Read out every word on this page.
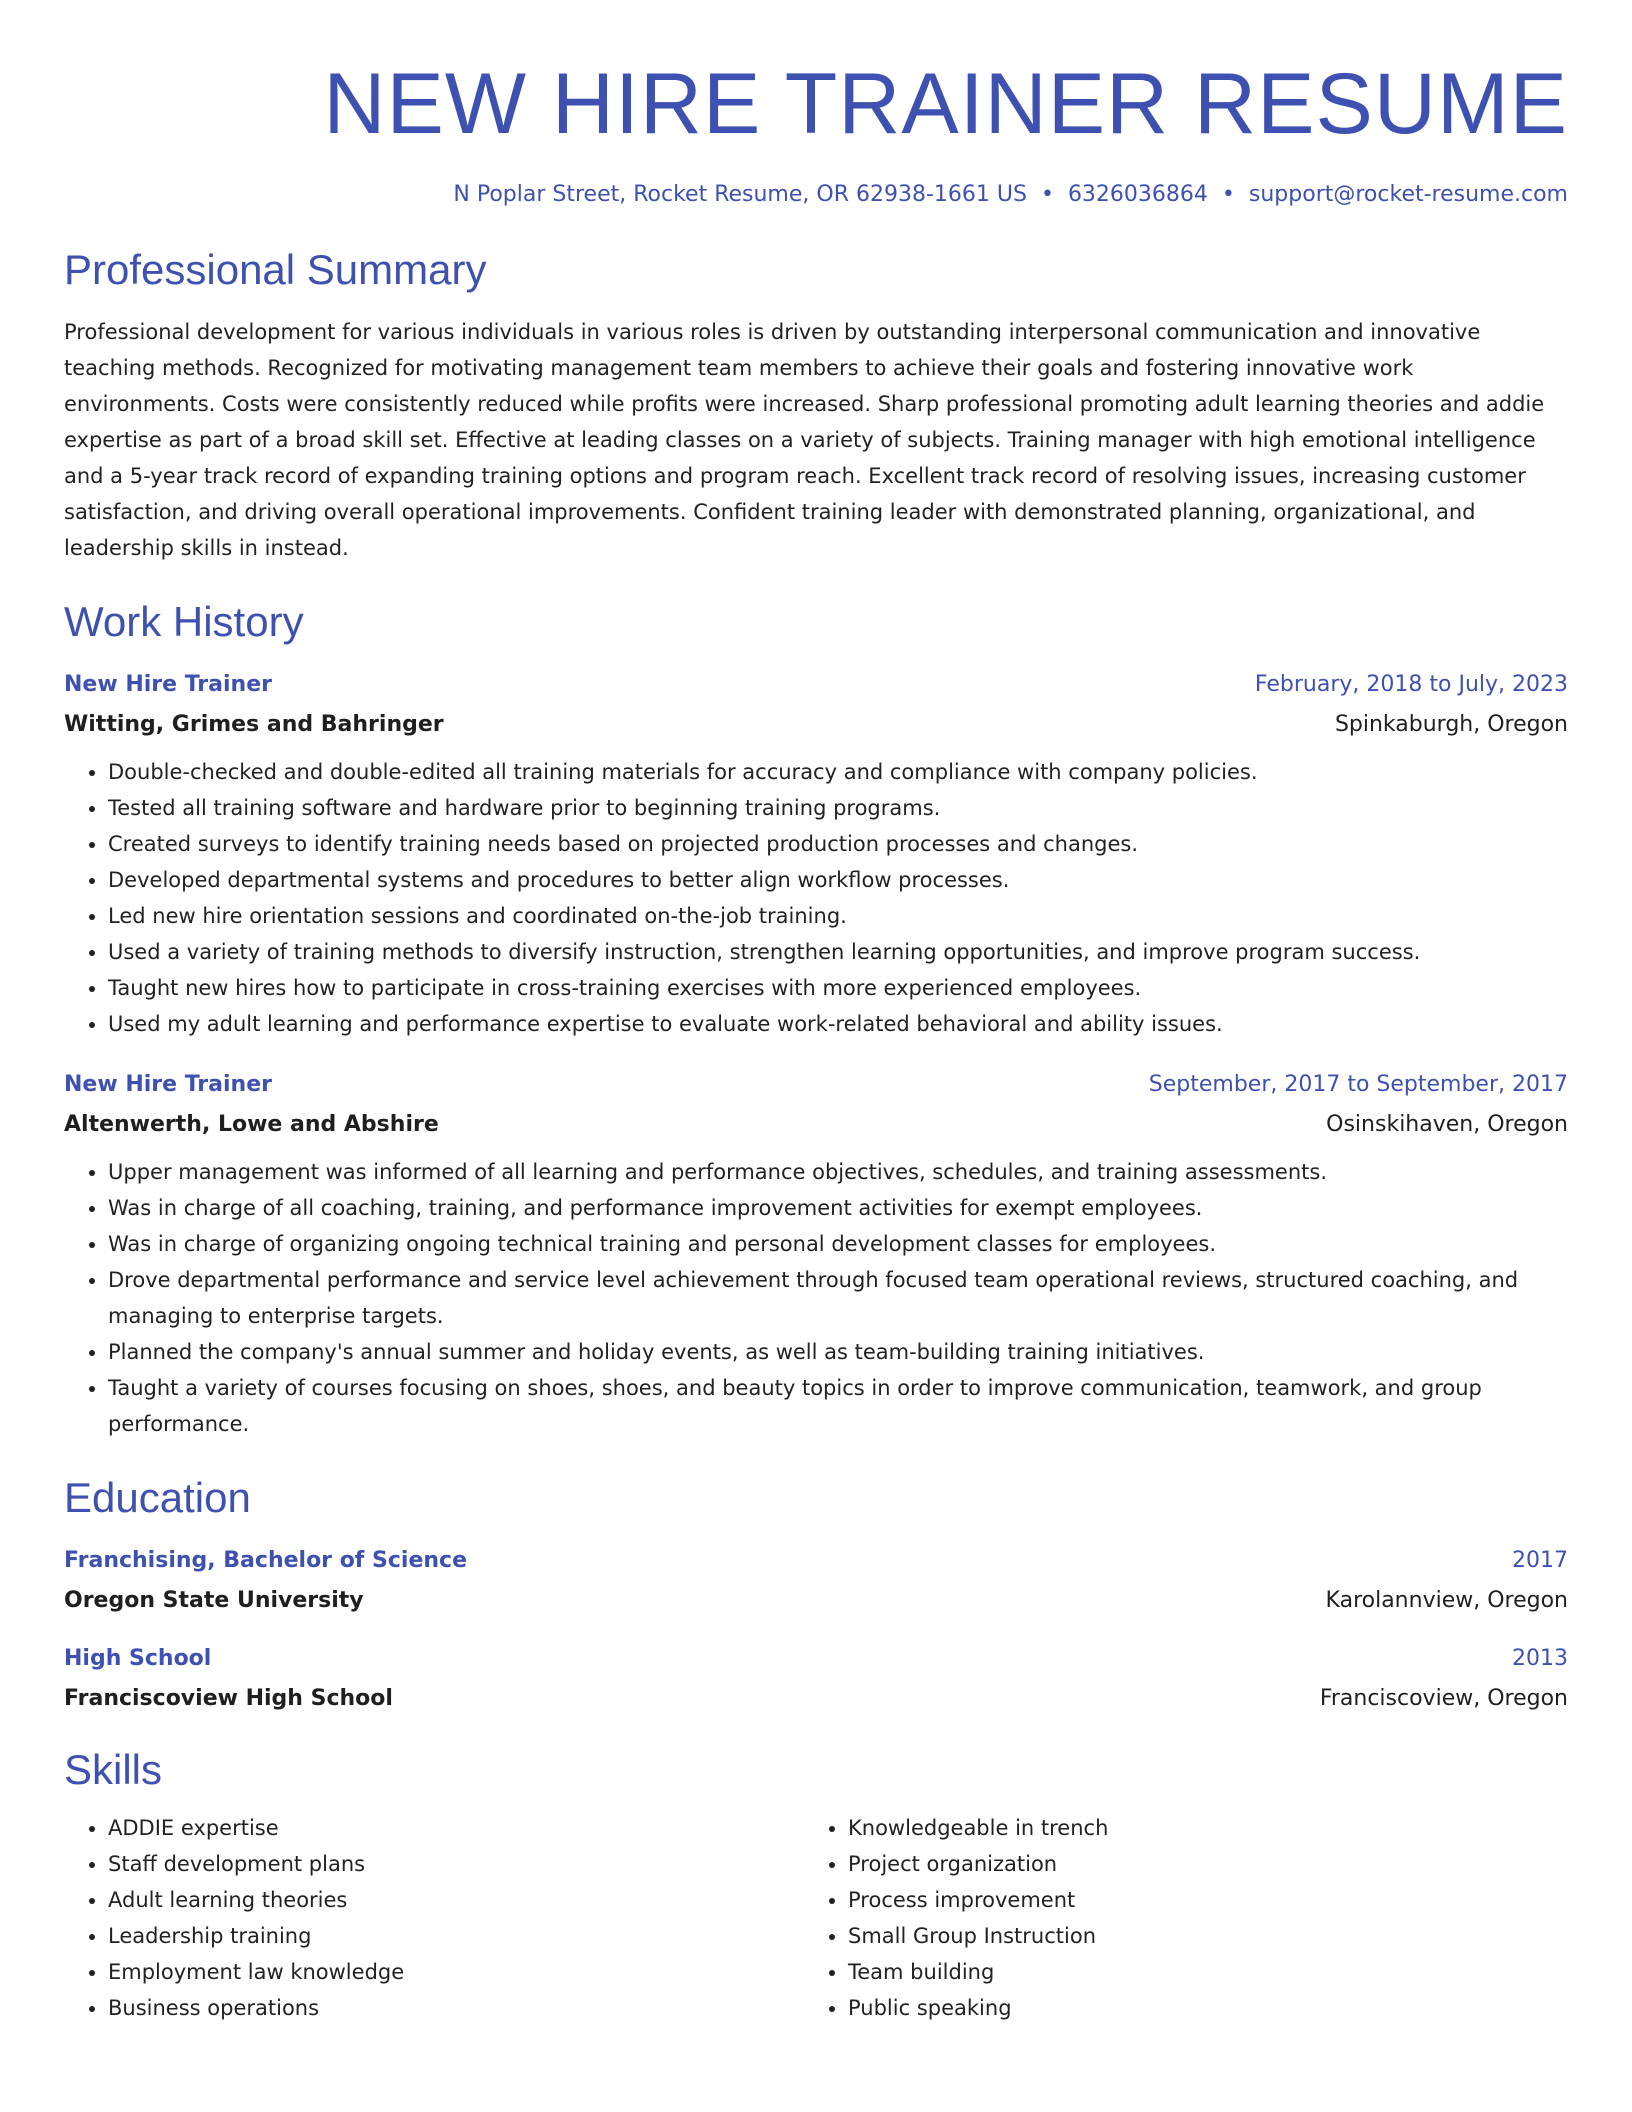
NEW HIRE TRAINER RESUME
N Poplar Street, Rocket Resume, OR 62938-1661 US • 6326036864 • support@rocket-resume.com
Professional Summary

Professional development for various individuals in various roles is driven by outstanding interpersonal communication and innovative teaching methods. Recognized for motivating management team members to achieve their goals and fostering innovative work environments. Costs were consistently reduced while profits were increased. Sharp professional promoting adult learning theories and addie expertise as part of a broad skill set. Effective at leading classes on a variety of subjects. Training manager with high emotional intelligence and a 5-year track record of expanding training options and program reach. Excellent track record of resolving issues, increasing customer satisfaction, and driving overall operational improvements. Confident training leader with demonstrated planning, organizational, and leadership skills in instead.

Work History
New Hire Trainer	February, 2018 to July, 2023
Witting, Grimes and Bahringer	Spinkaburgh, Oregon
• Double-checked and double-edited all training materials for accuracy and compliance with company policies.
• Tested all training software and hardware prior to beginning training programs.
• Created surveys to identify training needs based on projected production processes and changes.
• Developed departmental systems and procedures to better align workflow processes.
• Led new hire orientation sessions and coordinated on-the-job training.
• Used a variety of training methods to diversify instruction, strengthen learning opportunities, and improve program success.
• Taught new hires how to participate in cross-training exercises with more experienced employees.
• Used my adult learning and performance expertise to evaluate work-related behavioral and ability issues.
New Hire Trainer	September, 2017 to September, 2017
Altenwerth, Lowe and Abshire	Osinskihaven, Oregon
• Upper management was informed of all learning and performance objectives, schedules, and training assessments.
• Was in charge of all coaching, training, and performance improvement activities for exempt employees.
• Was in charge of organizing ongoing technical training and personal development classes for employees.
• Drove departmental performance and service level achievement through focused team operational reviews, structured coaching, and managing to enterprise targets.
• Planned the company's annual summer and holiday events, as well as team-building training initiatives.
• Taught a variety of courses focusing on shoes, shoes, and beauty topics in order to improve communication, teamwork, and group performance.
Education
Franchising, Bachelor of Science	2017
Oregon State University	Karolannview, Oregon
High School	2013
Franciscoview High School	Franciscoview, Oregon
Skills
• ADDIE expertise
• Staff development plans
• Adult learning theories
• Leadership training
• Employment law knowledge
• Business operations
• Knowledgeable in trench
• Project organization
• Process improvement
• Small Group Instruction
• Team building
• Public speaking
